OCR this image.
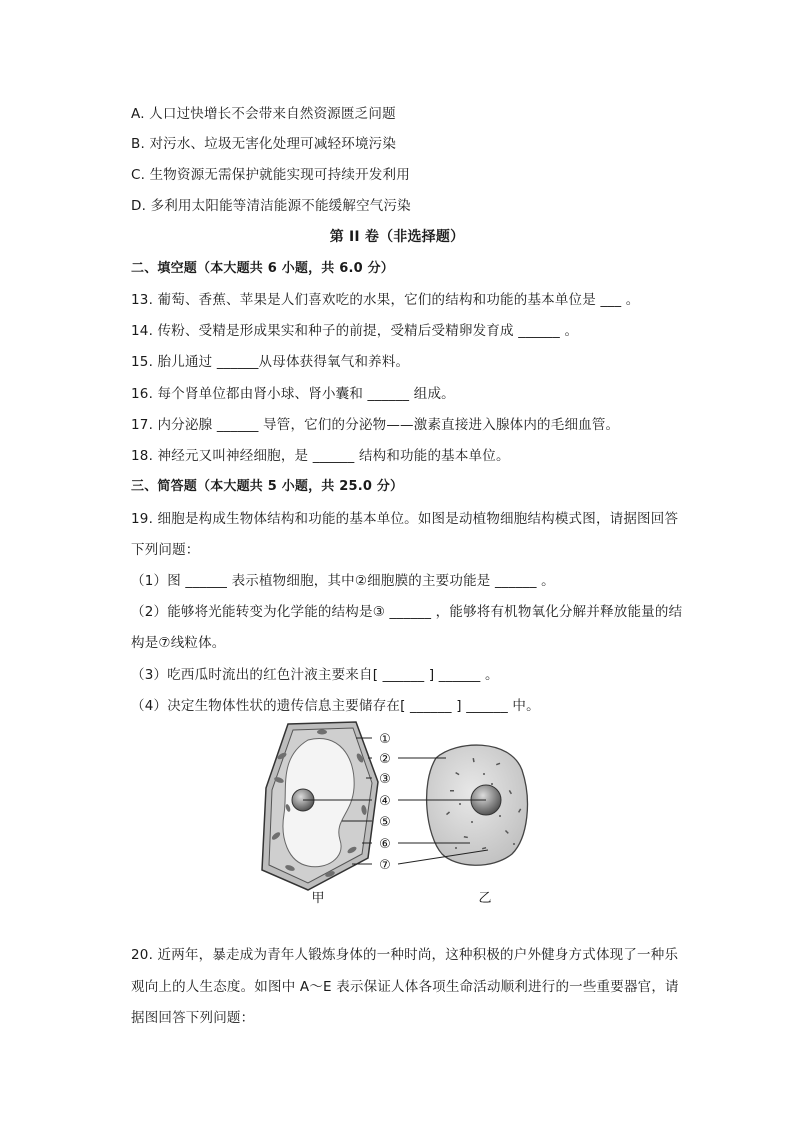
A. 人口过快增长不会带来自然资源匮乏问题
B. 对污水、垃圾无害化处理可减轻环境污染
C. 生物资源无需保护就能实现可持续开发利用
D. 多利用太阳能等清洁能源不能缓解空气污染
第 II 卷（非选择题）
二、填空题（本大题共 6 小题，共 6.0 分）
13. 葡萄、香蕉、苹果是人们喜欢吃的水果，它们的结构和功能的基本单位是 ___ 。
14. 传粉、受精是形成果实和种子的前提，受精后受精卵发育成 ______ 。
15. 胎儿通过 ______从母体获得氧气和养料。
16. 每个肾单位都由肾小球、肾小囊和 ______ 组成。
17. 内分泌腺 ______ 导管，它们的分泌物——激素直接进入腺体内的毛细血管。
18. 神经元又叫神经细胞，是 ______ 结构和功能的基本单位。
三、简答题（本大题共 5 小题，共 25.0 分）
19. 细胞是构成生物体结构和功能的基本单位。如图是动植物细胞结构模式图，请据图回答
下列问题：
（1）图 ______ 表示植物细胞，其中②细胞膜的主要功能是 ______ 。
（2）能够将光能转变为化学能的结构是③ ______ ，能够将有机物氧化分解并释放能量的结
构是⑦线粒体。
（3）吃西瓜时流出的红色汁液主要来自[ ______ ] ______ 。
（4）决定生物体性状的遗传信息主要储存在[ ______ ] ______ 中。
①
②
③
④
⑤
⑥
⑦
甲	乙
20. 近两年，暴走成为青年人锻炼身体的一种时尚，这种积极的户外健身方式体现了一种乐
观向上的人生态度。如图中 A～E 表示保证人体各项生命活动顺利进行的一些重要器官，请
据图回答下列问题：
